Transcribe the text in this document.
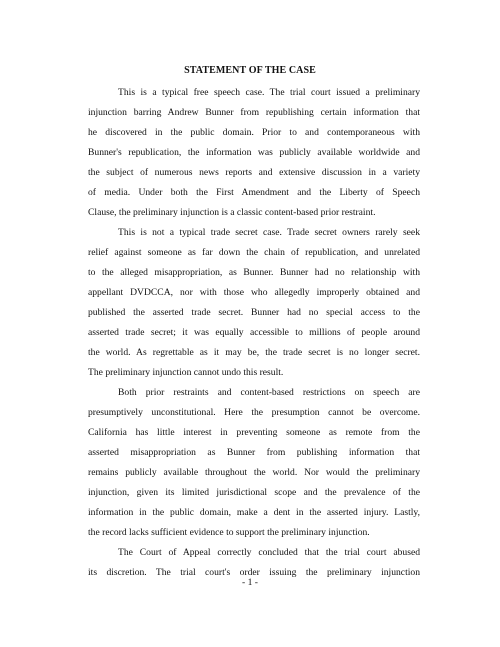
STATEMENT OF THE CASE
This is a typical free speech case. The trial court issued a preliminary
injunction barring Andrew Bunner from republishing certain information that
he discovered in the public domain. Prior to and contemporaneous with
Bunner's republication, the information was publicly available worldwide and
the subject of numerous news reports and extensive discussion in a variety
of media. Under both the First Amendment and the Liberty of Speech
Clause, the preliminary injunction is a classic content-based prior restraint.
This is not a typical trade secret case. Trade secret owners rarely seek
relief against someone as far down the chain of republication, and unrelated
to the alleged misappropriation, as Bunner. Bunner had no relationship with
appellant DVDCCA, nor with those who allegedly improperly obtained and
published the asserted trade secret. Bunner had no special access to the
asserted trade secret; it was equally accessible to millions of people around
the world. As regrettable as it may be, the trade secret is no longer secret.
The preliminary injunction cannot undo this result.
Both prior restraints and content-based restrictions on speech are
presumptively unconstitutional. Here the presumption cannot be overcome.
California has little interest in preventing someone as remote from the
asserted misappropriation as Bunner from publishing information that
remains publicly available throughout the world. Nor would the preliminary
injunction, given its limited jurisdictional scope and the prevalence of the
information in the public domain, make a dent in the asserted injury. Lastly,
the record lacks sufficient evidence to support the preliminary injunction.
The Court of Appeal correctly concluded that the trial court abused
its discretion. The trial court's order issuing the preliminary injunction
- 1 -
